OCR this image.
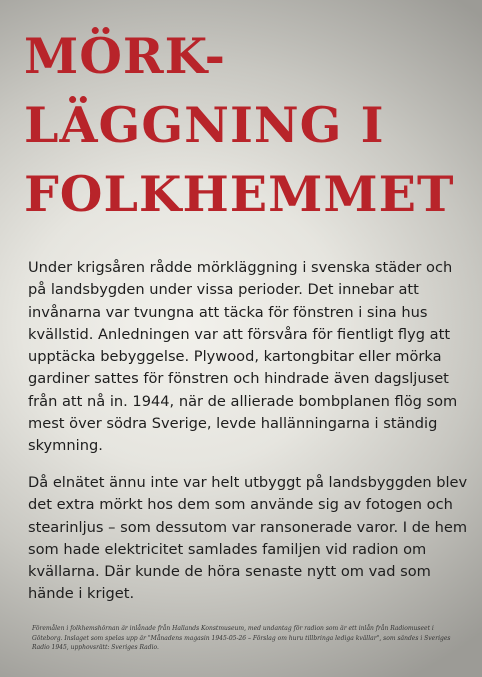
MÖRK-
LÄGGNING I
FOLKHEMMET

Under krigsåren rådde mörkläggning i svenska städer och på landsbygden under vissa perioder. Det innebar att invånarna var tvungna att täcka för fönstren i sina hus kvällstid. Anledningen var att försvåra för fientligt flyg att upptäcka bebyggelse. Plywood, kartongbitar eller mörka gardiner sattes för fönstren och hindrade även dagsljuset från att nå in. 1944, när de allierade bombplanen flög som mest över södra Sverige, levde hallänningarna i ständig skymning.

Då elnätet ännu inte var helt utbyggt på landsbyggden blev det extra mörkt hos dem som använde sig av fotogen och stearinljus – som dessutom var ransonerade varor. I de hem som hade elektricitet samlades familjen vid radion om kvällarna. Där kunde de höra senaste nytt om vad som hände i kriget.

Föremålen i folkhemshörnan är inlånade från Hallands Konstmuseum, med undantag för radion som är ett inlån från Radiomuseet i Göteborg. Inslaget som spelas upp är "Månadens magasin 1945-05-26 – Förslag om huru tillbringa lediga kvällar", som sändes i Sveriges Radio 1945, upphovsrätt: Sveriges Radio.
